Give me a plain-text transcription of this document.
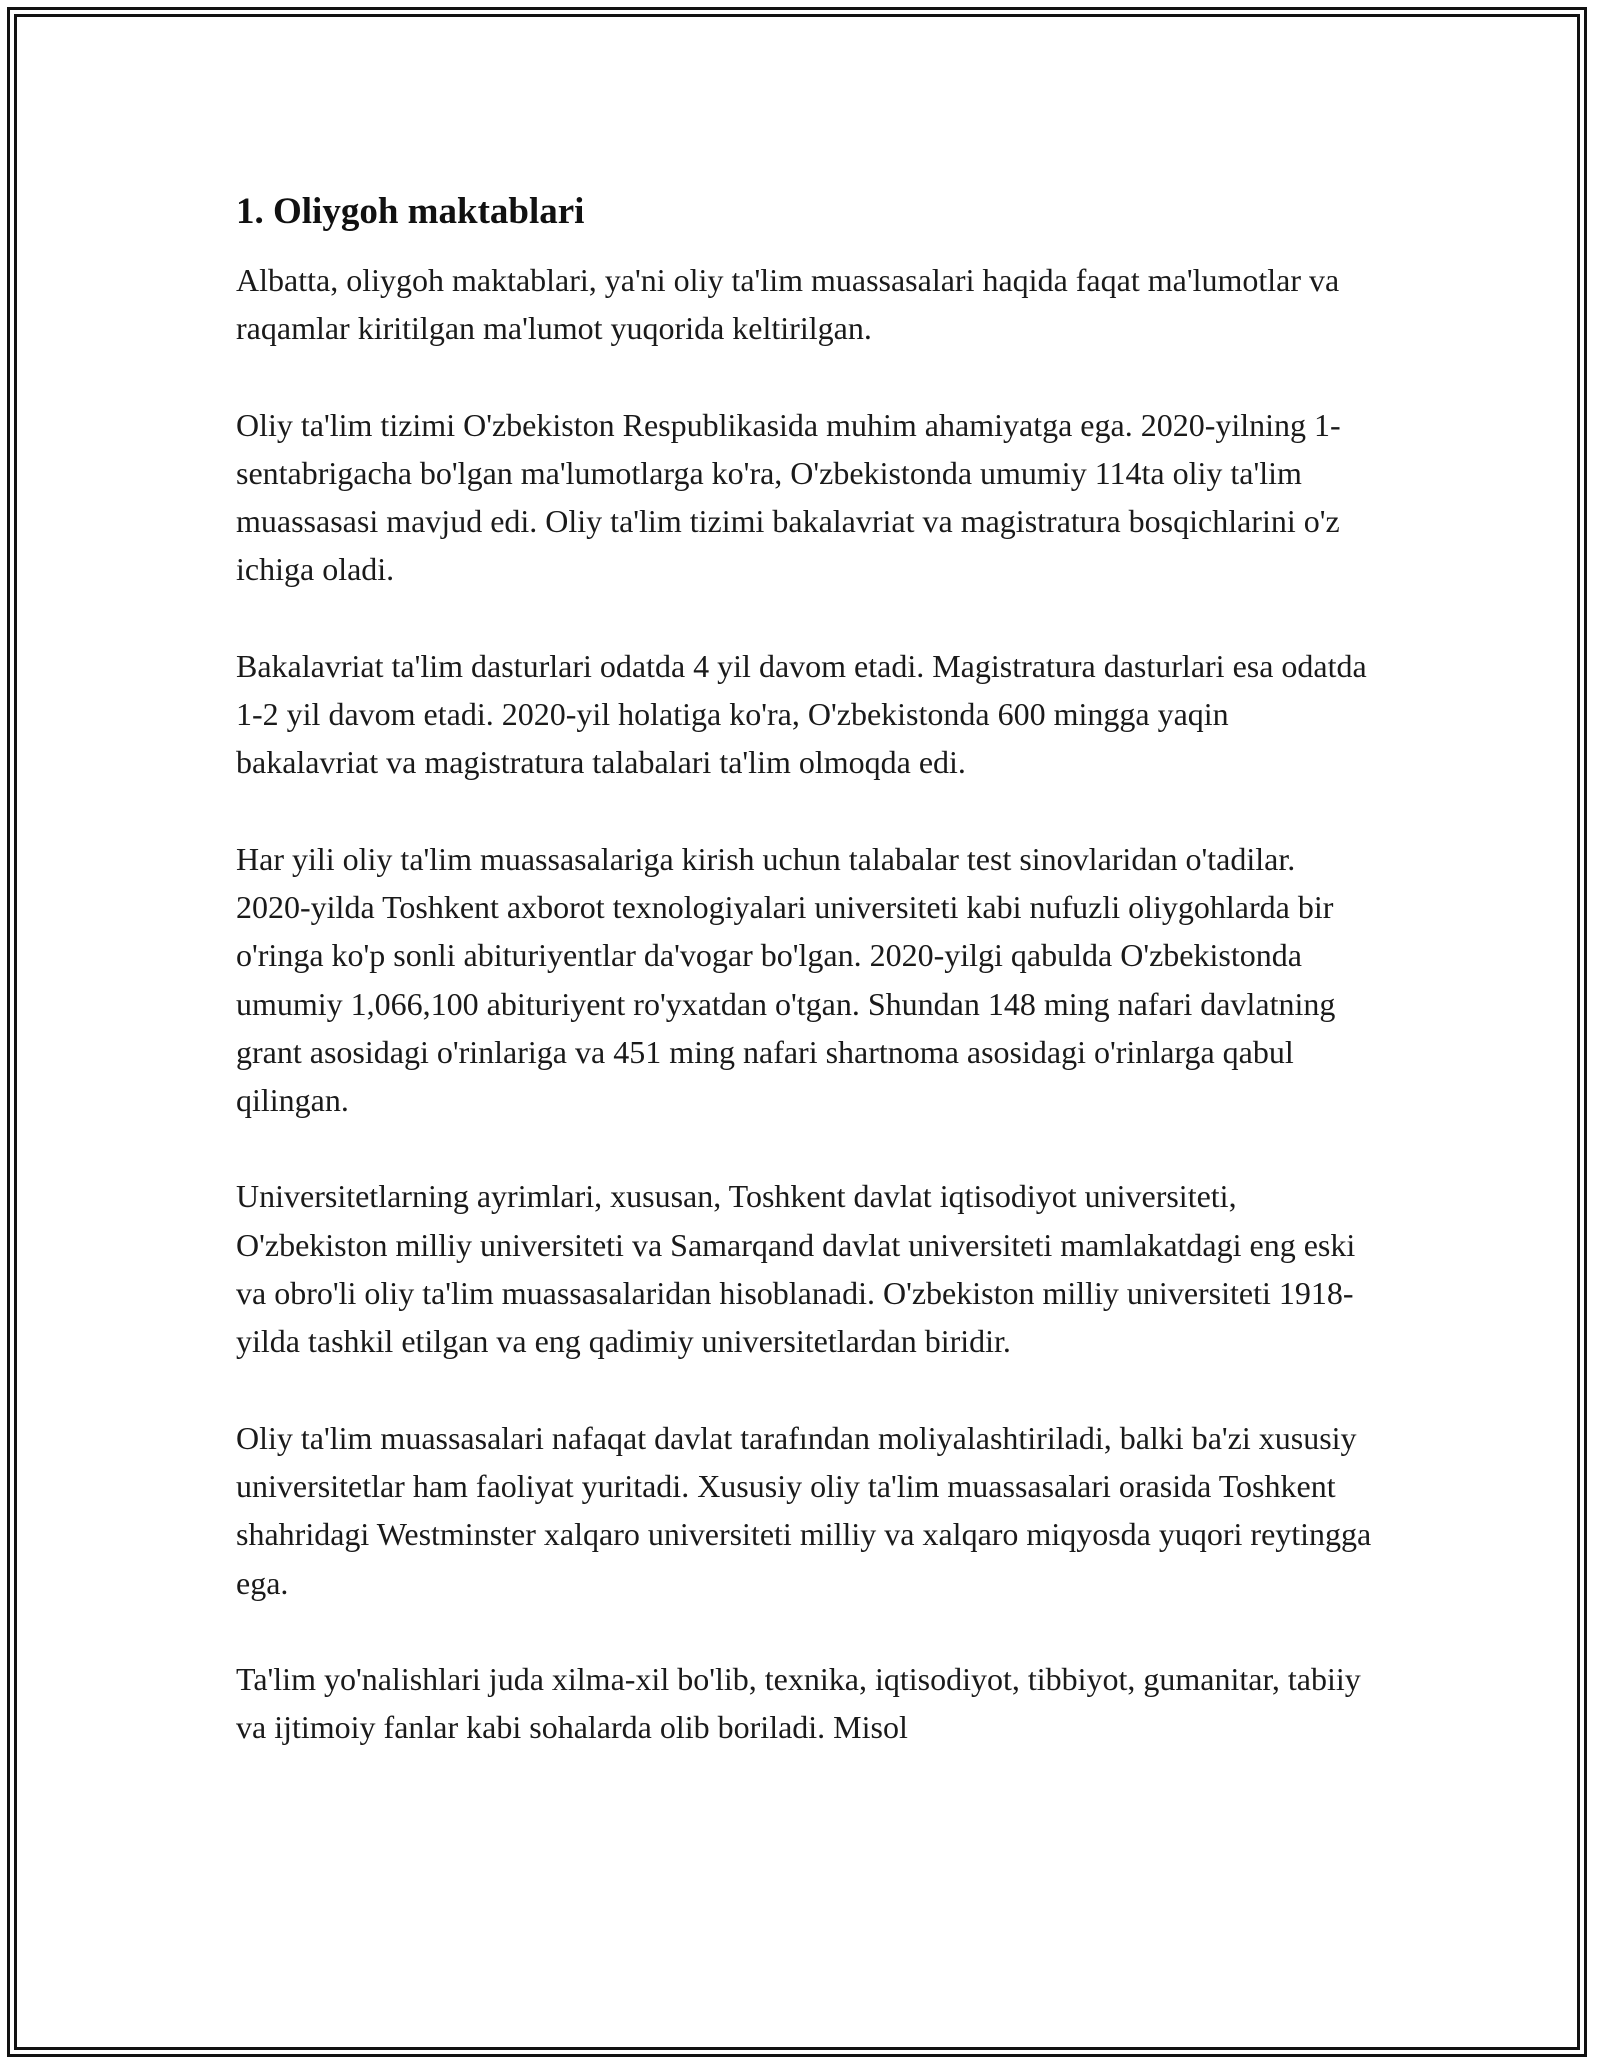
1. Oliygoh maktablari

Albatta, oliygoh maktablari, ya'ni oliy ta'lim muassasalari haqida faqat ma'lumotlar va raqamlar kiritilgan ma'lumot yuqorida keltirilgan.

Oliy ta'lim tizimi O'zbekiston Respublikasida muhim ahamiyatga ega. 2020-yilning 1-sentabrigacha bo'lgan ma'lumotlarga ko'ra, O'zbekistonda umumiy 114ta oliy ta'lim muassasasi mavjud edi. Oliy ta'lim tizimi bakalavriat va magistratura bosqichlarini o'z ichiga oladi.

Bakalavriat ta'lim dasturlari odatda 4 yil davom etadi. Magistratura dasturlari esa odatda 1-2 yil davom etadi. 2020-yil holatiga ko'ra, O'zbekistonda 600 mingga yaqin bakalavriat va magistratura talabalari ta'lim olmoqda edi.

Har yili oliy ta'lim muassasalariga kirish uchun talabalar test sinovlaridan o'tadilar. 2020-yilda Toshkent axborot texnologiyalari universiteti kabi nufuzli oliygohlarda bir o'ringa ko'p sonli abituriyentlar da'vogar bo'lgan. 2020-yilgi qabulda O'zbekistonda umumiy 1,066,100 abituriyent ro'yxatdan o'tgan. Shundan 148 ming nafari davlatning grant asosidagi o'rinlariga va 451 ming nafari shartnoma asosidagi o'rinlarga qabul qilingan.

Universitetlarning ayrimlari, xususan, Toshkent davlat iqtisodiyot universiteti, O'zbekiston milliy universiteti va Samarqand davlat universiteti mamlakatdagi eng eski va obro'li oliy ta'lim muassasalaridan hisoblanadi. O'zbekiston milliy universiteti 1918-yilda tashkil etilgan va eng qadimiy universitetlardan biridir.

Oliy ta'lim muassasalari nafaqat davlat tarafından moliyalashtiriladi, balki ba'zi xususiy universitetlar ham faoliyat yuritadi. Xususiy oliy ta'lim muassasalari orasida Toshkent shahridagi Westminster xalqaro universiteti milliy va xalqaro miqyosda yuqori reytingga ega.

Ta'lim yo'nalishlari juda xilma-xil bo'lib, texnika, iqtisodiyot, tibbiyot, gumanitar, tabiiy va ijtimoiy fanlar kabi sohalarda olib boriladi. Misol
